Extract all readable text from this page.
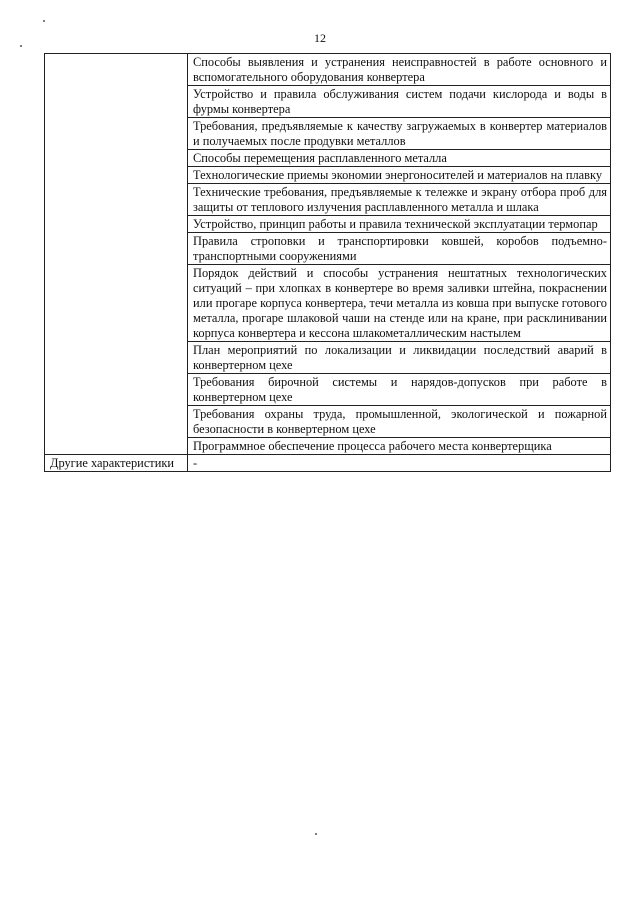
12
	Способы выявления и устранения неисправностей в работе основного и вспомогательного оборудования конвертера
	Устройство и правила обслуживания систем подачи кислорода и воды в фурмы конвертера
	Требования, предъявляемые к качеству загружаемых в конвертер материалов и получаемых после продувки металлов
	Способы перемещения расплавленного металла
	Технологические приемы экономии энергоносителей и материалов на плавку
	Технические требования, предъявляемые к тележке и экрану отбора проб для защиты от теплового излучения расплавленного металла и шлака
	Устройство, принцип работы и правила технической эксплуатации термопар
	Правила строповки и транспортировки ковшей, коробов подъемно-транспортными сооружениями
	Порядок действий и способы устранения нештатных технологических ситуаций – при хлопках в конвертере во время заливки штейна, покраснении или прогаре корпуса конвертера, течи металла из ковша при выпуске готового металла, прогаре шлаковой чаши на стенде или на кране, при расклинивании корпуса конвертера и кессона шлакометаллическим настылем
	План мероприятий по локализации и ликвидации последствий аварий в конвертерном цехе
	Требования бирочной системы и нарядов-допусков при работе в конвертерном цехе
	Требования охраны труда, промышленной, экологической и пожарной безопасности в конвертерном цехе
	Программное обеспечение процесса рабочего места конвертерщика
Другие характеристики	-
